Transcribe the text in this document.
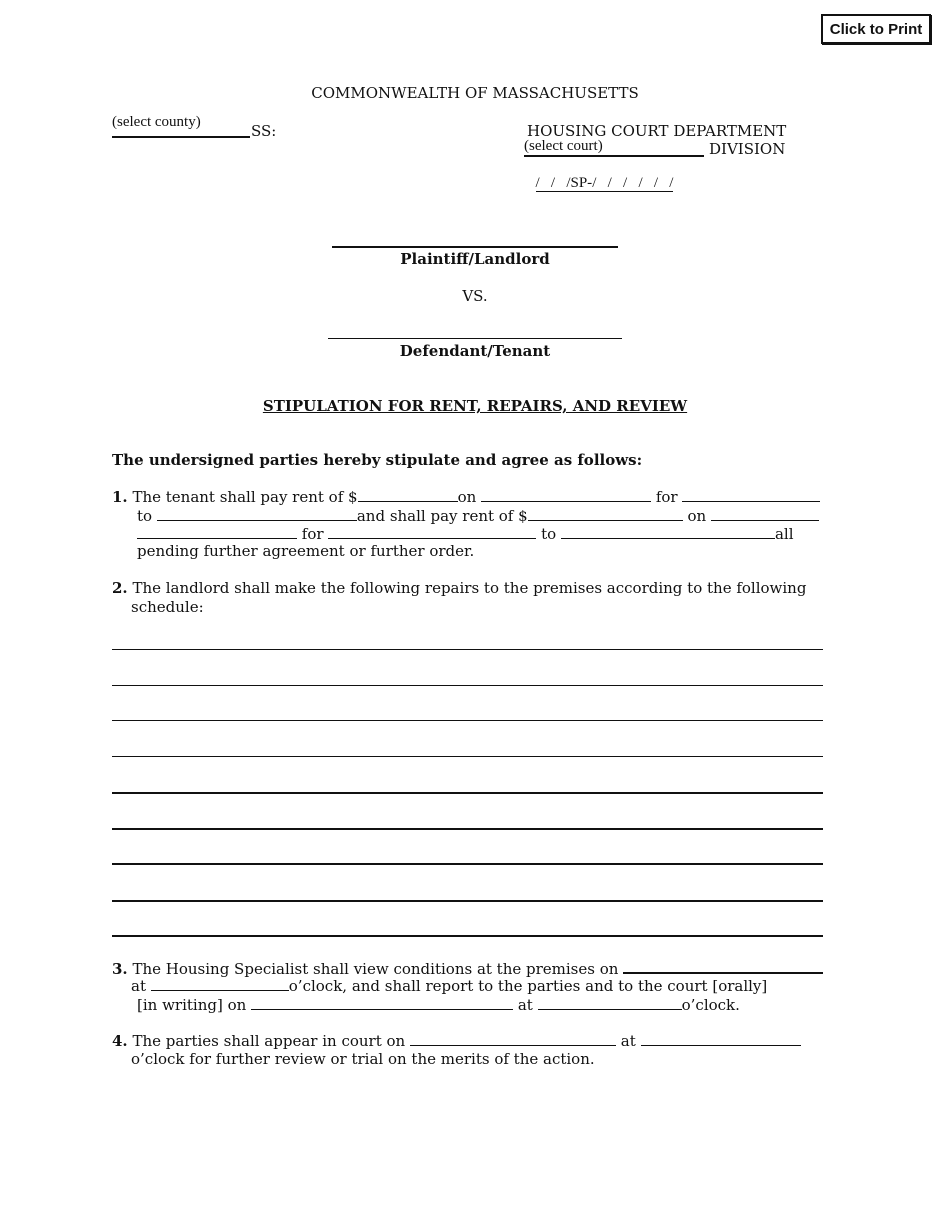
Click to Print
COMMONWEALTH OF MASSACHUSETTS
(select county)	SS:	HOUSING COURT DEPARTMENT
(select court)	DIVISION

/   /   /SP-/   /   /   /   /   /

Plaintiff/Landlord
VS.
Defendant/Tenant
STIPULATION FOR RENT, REPAIRS, AND REVIEW
The undersigned parties hereby stipulate and agree as follows:
1. The tenant shall pay rent of $	on	for
to	and shall pay rent of $	on
for	to	all
pending further agreement or further order.
2. The landlord shall make the following repairs to the premises according to the following
schedule:
3. The Housing Specialist shall view conditions at the premises on
at	o’clock, and shall report to the parties and to the court [orally]
[in writing] on	at	o’clock.
4. The parties shall appear in court on	at
o’clock for further review or trial on the merits of the action.
